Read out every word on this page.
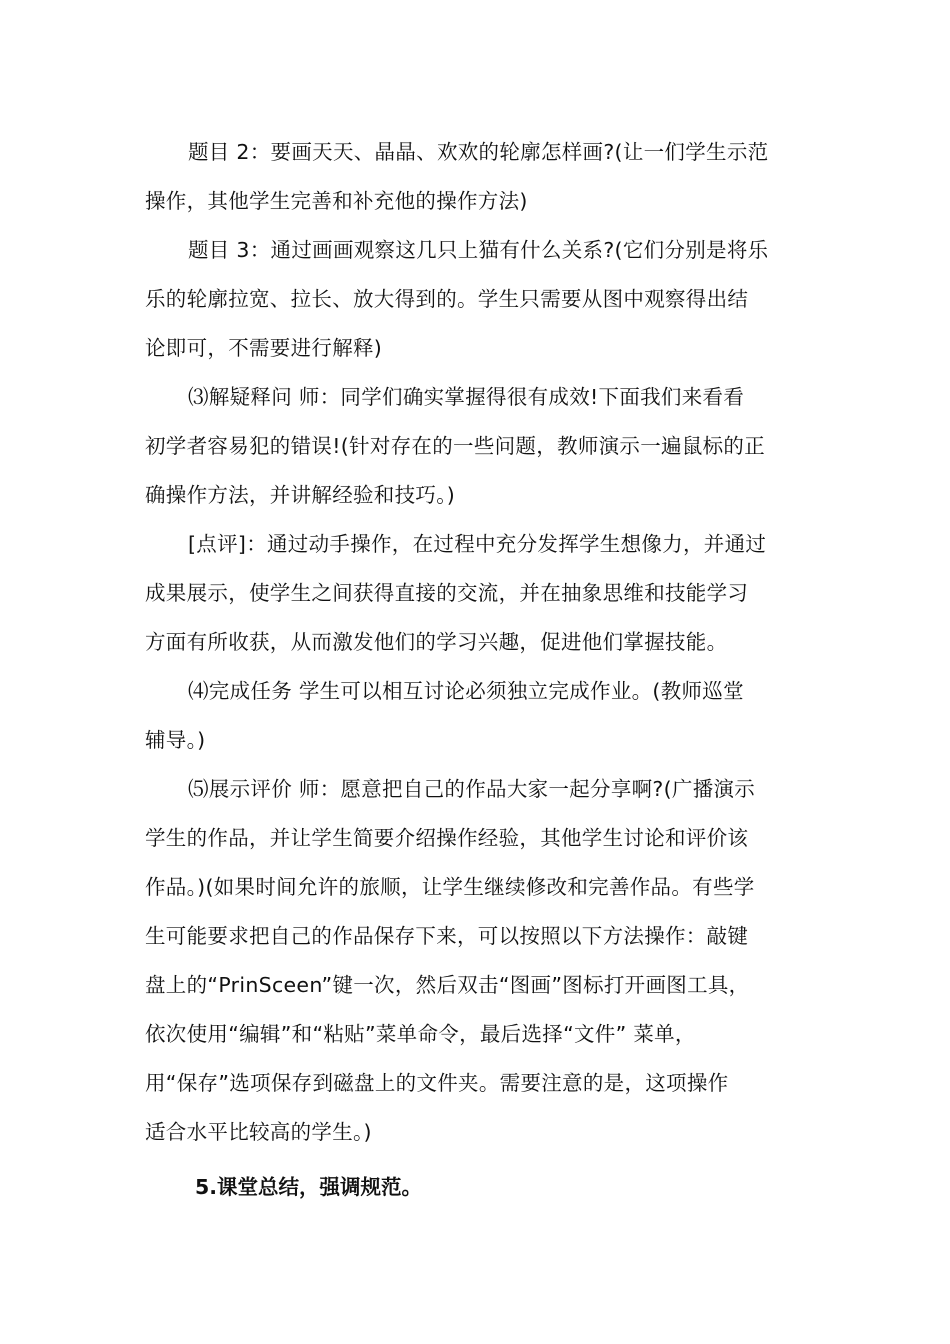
题目 2：要画天天、晶晶、欢欢的轮廓怎样画?(让一们学生示范
操作，其他学生完善和补充他的操作方法)

题目 3：通过画画观察这几只上猫有什么关系?(它们分别是将乐
乐的轮廓拉宽、拉长、放大得到的。学生只需要从图中观察得出结
论即可，不需要进行解释)

⑶解疑释问 师：同学们确实掌握得很有成效!下面我们来看看
初学者容易犯的错误!(针对存在的一些问题，教师演示一遍鼠标的正
确操作方法，并讲解经验和技巧。)

[点评]：通过动手操作，在过程中充分发挥学生想像力，并通过
成果展示，使学生之间获得直接的交流，并在抽象思维和技能学习
方面有所收获，从而激发他们的学习兴趣，促进他们掌握技能。

⑷完成任务 学生可以相互讨论必须独立完成作业。(教师巡堂
辅导。)

⑸展示评价 师：愿意把自己的作品大家一起分享啊?(广播演示
学生的作品，并让学生简要介绍操作经验，其他学生讨论和评价该
作品。)(如果时间允许的旅顺，让学生继续修改和完善作品。有些学
生可能要求把自己的作品保存下来，可以按照以下方法操作：敲键
盘上的“PrinSceen”键一次，然后双击“图画”图标打开画图工具，
依次使用“编辑”和“粘贴”菜单命令，最后选择“文件” 菜单，
用“保存”选项保存到磁盘上的文件夹。需要注意的是，这项操作
适合水平比较高的学生。)

5.课堂总结，强调规范。
